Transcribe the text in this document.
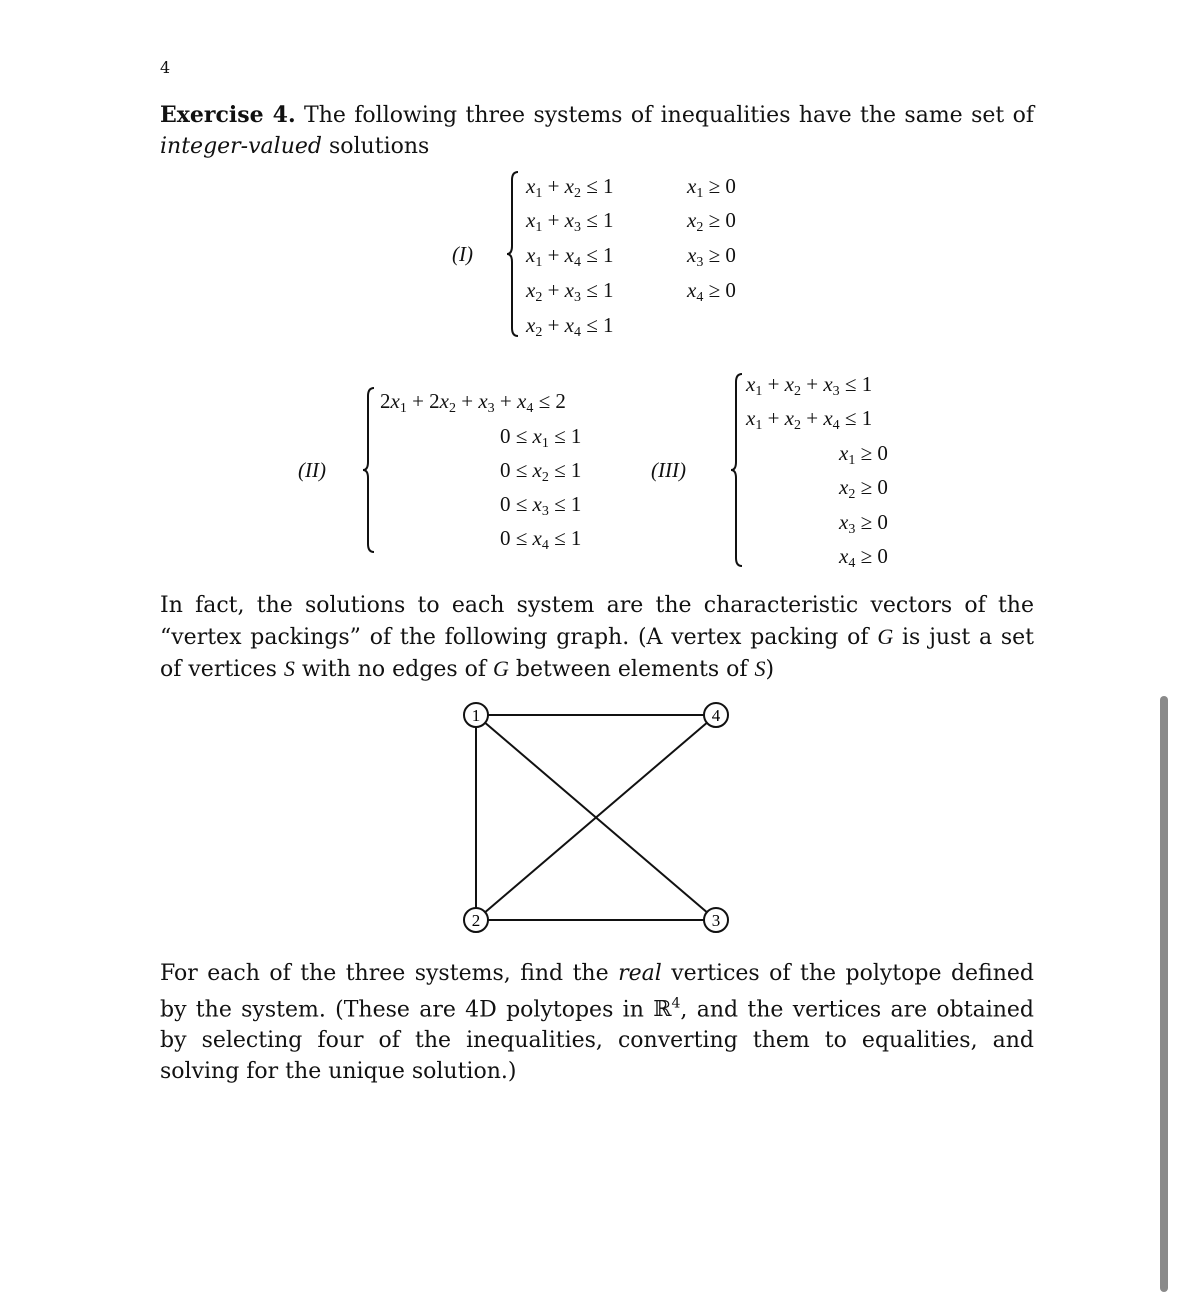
4
Exercise 4. The following three systems of inequalities have the same set of integer-valued solutions
(I)
$x_1 + x_2 \le 1$
$x_1 + x_3 \le 1$
$x_1 + x_4 \le 1$
$x_2 + x_3 \le 1$
$x_2 + x_4 \le 1$
$x_1 \ge 0$
$x_2 \ge 0$
$x_3 \ge 0$
$x_4 \ge 0$
(II)
$2x_1 + 2x_2 + x_3 + x_4 \le 2$
$0 \le x_1 \le 1$
$0 \le x_2 \le 1$
$0 \le x_3 \le 1$
$0 \le x_4 \le 1$
(III)
$x_1 + x_2 + x_3 \le 1$
$x_1 + x_2 + x_4 \le 1$
$x_1 \ge 0$
$x_2 \ge 0$
$x_3 \ge 0$
$x_4 \ge 0$
In fact, the solutions to each system are the characteristic vectors of the “vertex packings” of the following graph. (A vertex packing of G is just a set of vertices S with no edges of G between elements of S)
1
2	3
4
For each of the three systems, find the real vertices of the polytope defined by the system. (These are 4D polytopes in ℝ$^4$, and the vertices are obtained by selecting four of the inequalities, converting them to equalities, and solving for the unique solution.)
